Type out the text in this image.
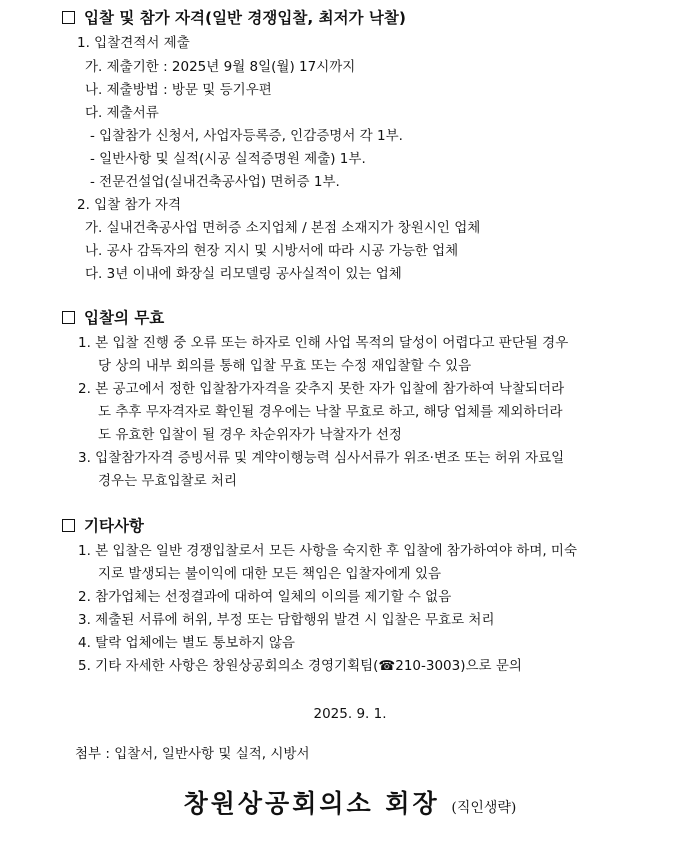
입찰 및 참가 자격(일반 경쟁입찰, 최저가 낙찰)
1. 입찰견적서 제출
가. 제출기한 : 2025년 9월 8일(월) 17시까지
나. 제출방법 : 방문 및 등기우편
다. 제출서류
- 입찰참가 신청서, 사업자등록증, 인감증명서 각 1부.
- 일반사항 및 실적(시공 실적증명원 제출) 1부.
- 전문건설업(실내건축공사업) 면허증 1부.
2. 입찰 참가 자격
가. 실내건축공사업 면허증 소지업체 / 본점 소재지가 창원시인 업체
나. 공사 감독자의 현장 지시 및 시방서에 따라 시공 가능한 업체
다. 3년 이내에 화장실 리모델링 공사실적이 있는 업체
입찰의 무효
1. 본 입찰 진행 중 오류 또는 하자로 인해 사업 목적의 달성이 어렵다고 판단될 경우
당 상의 내부 회의를 통해 입찰 무효 또는 수정 재입찰할 수 있음
2. 본 공고에서 정한 입찰참가자격을 갖추지 못한 자가 입찰에 참가하여 낙찰되더라
도 추후 무자격자로 확인될 경우에는 낙찰 무효로 하고, 해당 업체를 제외하더라
도 유효한 입찰이 될 경우 차순위자가 낙찰자가 선정
3. 입찰참가자격 증빙서류 및 계약이행능력 심사서류가 위조·변조 또는 허위 자료일
경우는 무효입찰로 처리
기타사항
1. 본 입찰은 일반 경쟁입찰로서 모든 사항을 숙지한 후 입찰에 참가하여야 하며, 미숙
지로 발생되는 불이익에 대한 모든 책임은 입찰자에게 있음
2. 참가업체는 선정결과에 대하여 일체의 이의를 제기할 수 없음
3. 제출된 서류에 허위, 부정 또는 담합행위 발견 시 입찰은 무효로 처리
4. 탈락 업체에는 별도 통보하지 않음
5. 기타 자세한 사항은 창원상공회의소 경영기획팀(☎210-3003)으로 문의
2025. 9. 1.
첨부 : 입찰서, 일반사항 및 실적, 시방서
창원상공회의소 회장 (직인생략)
